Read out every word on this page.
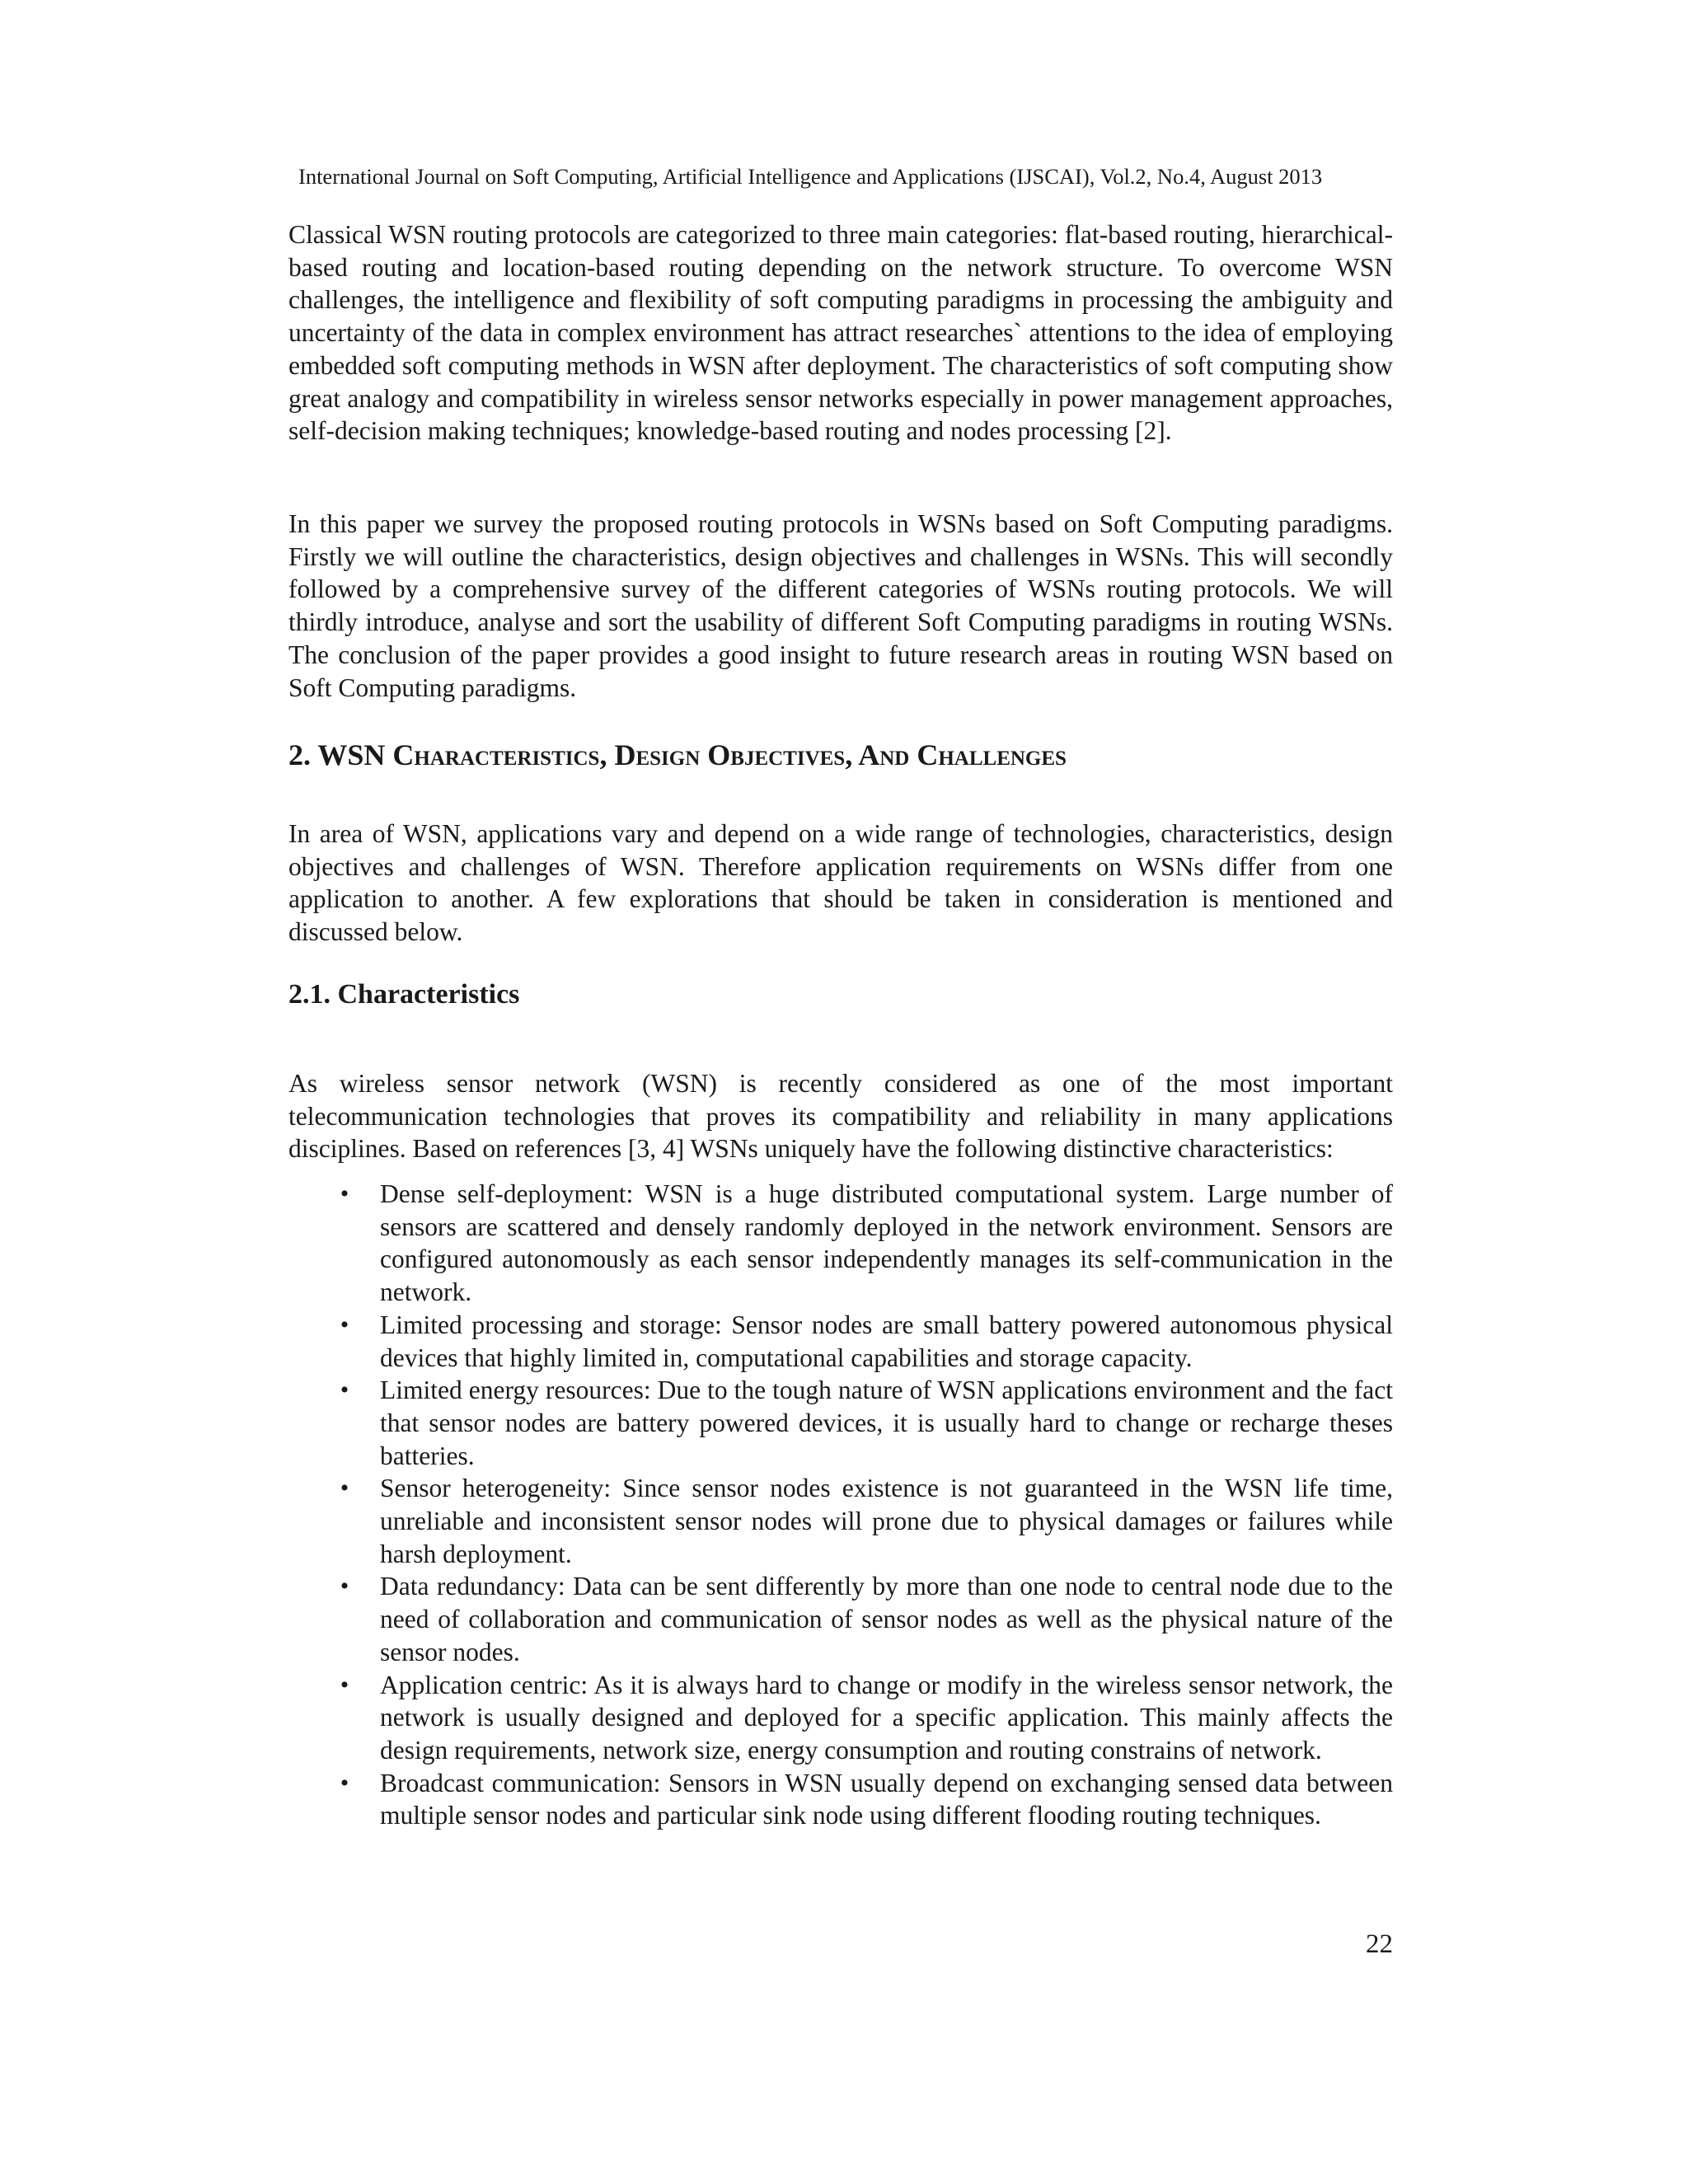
International Journal on Soft Computing, Artificial Intelligence and Applications (IJSCAI), Vol.2, No.4, August 2013

Classical WSN routing protocols are categorized to three main categories: flat-based routing, hierarchical-based routing and location-based routing depending on the network structure. To overcome WSN challenges, the intelligence and flexibility of soft computing paradigms in processing the ambiguity and uncertainty of the data in complex environment has attract researches` attentions to the idea of employing embedded soft computing methods in WSN after deployment. The characteristics of soft computing show great analogy and compatibility in wireless sensor networks especially in power management approaches, self-decision making techniques; knowledge-based routing and nodes processing [2].

In this paper we survey the proposed routing protocols in WSNs based on Soft Computing paradigms. Firstly we will outline the characteristics, design objectives and challenges in WSNs. This will secondly followed by a comprehensive survey of the different categories of WSNs routing protocols. We will thirdly introduce, analyse and sort the usability of different Soft Computing paradigms in routing WSNs. The conclusion of the paper provides a good insight to future research areas in routing WSN based on Soft Computing paradigms.

2. WSN Characteristics, Design Objectives, And Challenges

In area of WSN, applications vary and depend on a wide range of technologies, characteristics, design objectives and challenges of WSN. Therefore application requirements on WSNs differ from one application to another. A few explorations that should be taken in consideration is mentioned and discussed below.

2.1. Characteristics

As wireless sensor network (WSN) is recently considered as one of the most important telecommunication technologies that proves its compatibility and reliability in many applications disciplines. Based on references [3, 4] WSNs uniquely have the following distinctive characteristics:

• Dense self-deployment: WSN is a huge distributed computational system. Large number of sensors are scattered and densely randomly deployed in the network environment. Sensors are configured autonomously as each sensor independently manages its self-communication in the network.
• Limited processing and storage: Sensor nodes are small battery powered autonomous physical devices that highly limited in, computational capabilities and storage capacity.
• Limited energy resources: Due to the tough nature of WSN applications environment and the fact that sensor nodes are battery powered devices, it is usually hard to change or recharge theses batteries.
• Sensor heterogeneity: Since sensor nodes existence is not guaranteed in the WSN life time, unreliable and inconsistent sensor nodes will prone due to physical damages or failures while harsh deployment.
• Data redundancy: Data can be sent differently by more than one node to central node due to the need of collaboration and communication of sensor nodes as well as the physical nature of the sensor nodes.
• Application centric: As it is always hard to change or modify in the wireless sensor network, the network is usually designed and deployed for a specific application. This mainly affects the design requirements, network size, energy consumption and routing constrains of network.
• Broadcast communication: Sensors in WSN usually depend on exchanging sensed data between multiple sensor nodes and particular sink node using different flooding routing techniques.
22
